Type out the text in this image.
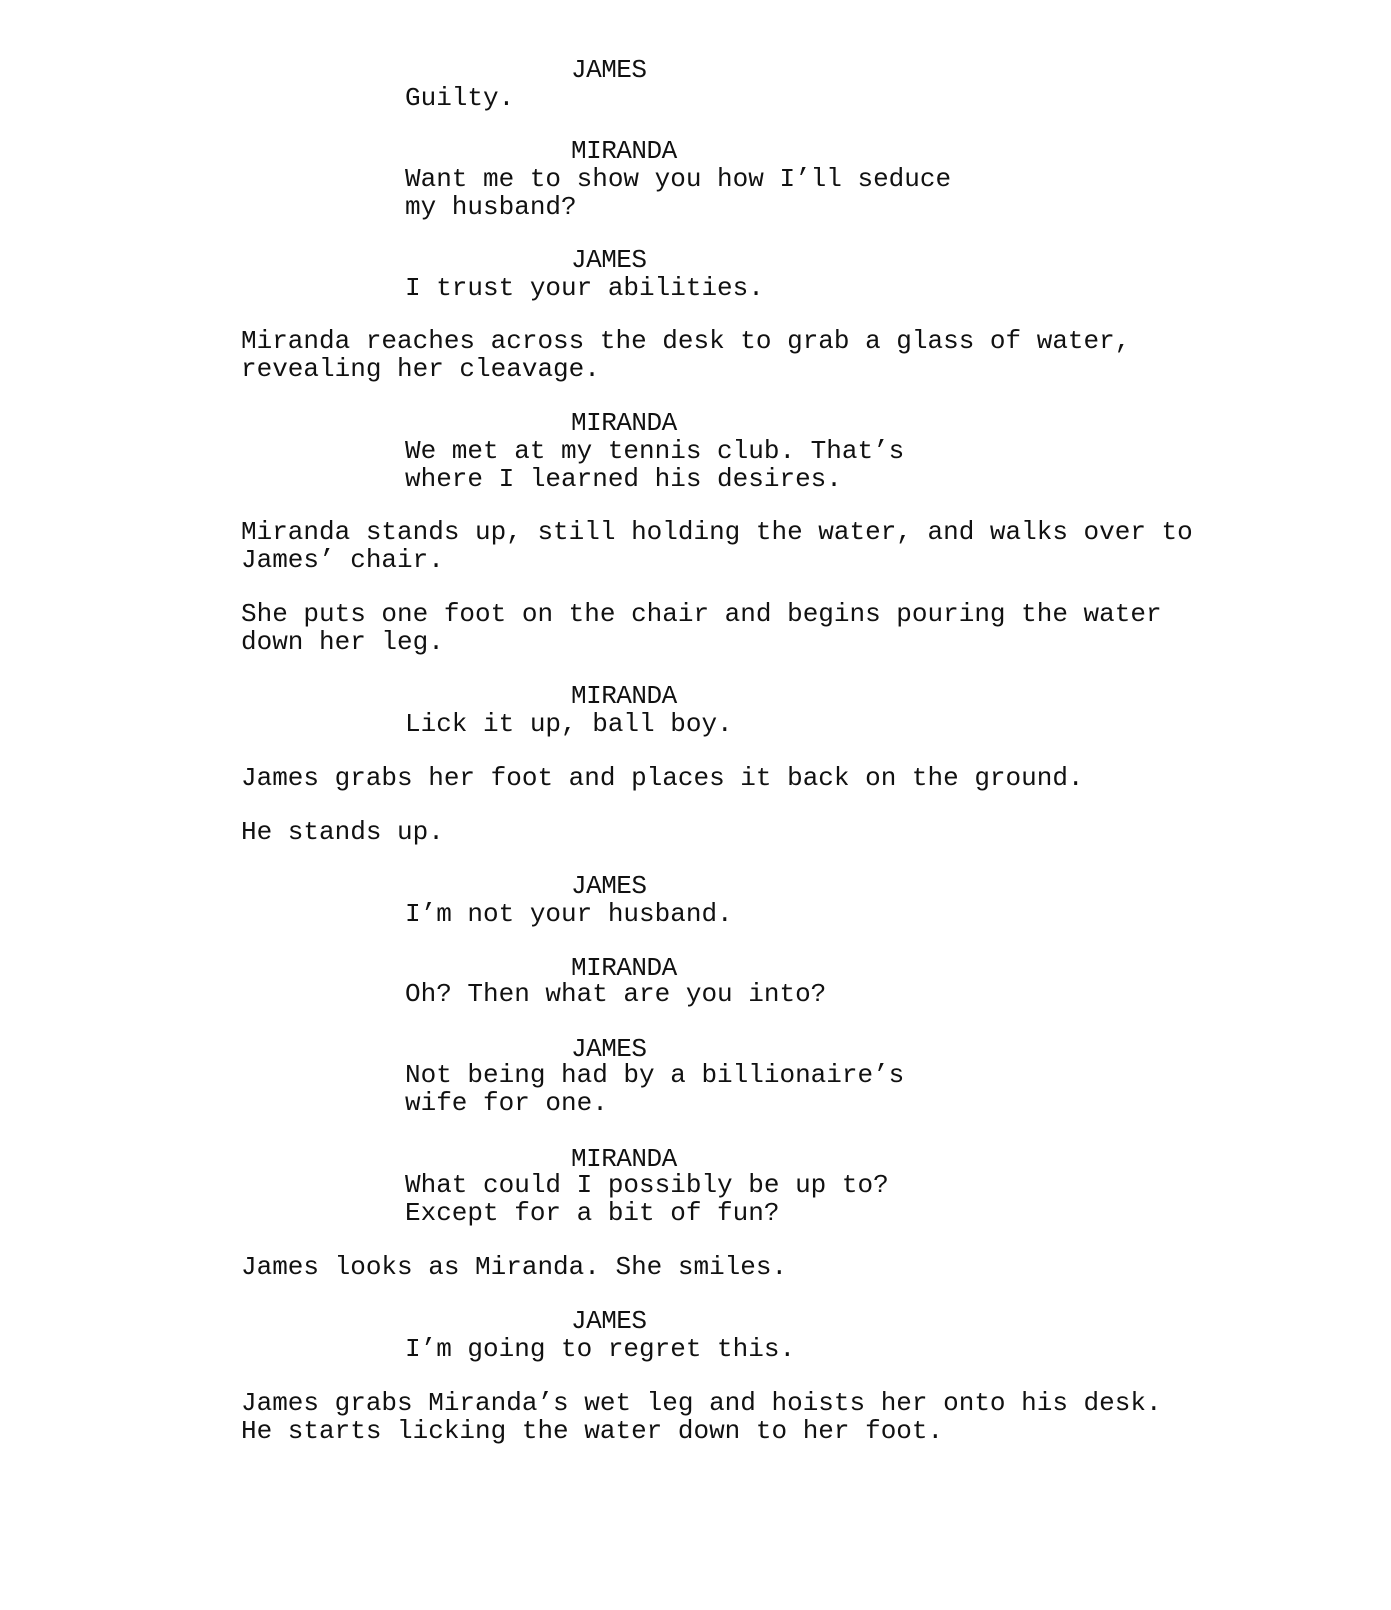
JAMES
Guilty.
MIRANDA
Want me to show you how I’ll seduce
my husband?
JAMES
I trust your abilities.
Miranda reaches across the desk to grab a glass of water,
revealing her cleavage.
MIRANDA
We met at my tennis club. That’s
where I learned his desires.
Miranda stands up, still holding the water, and walks over to
James’ chair.
She puts one foot on the chair and begins pouring the water
down her leg.
MIRANDA
Lick it up, ball boy.
James grabs her foot and places it back on the ground.
He stands up.
JAMES
I’m not your husband.
MIRANDA
Oh? Then what are you into?
JAMES
Not being had by a billionaire’s
wife for one.
MIRANDA
What could I possibly be up to?
Except for a bit of fun?
James looks as Miranda. She smiles.
JAMES
I’m going to regret this.
James grabs Miranda’s wet leg and hoists her onto his desk.
He starts licking the water down to her foot.
